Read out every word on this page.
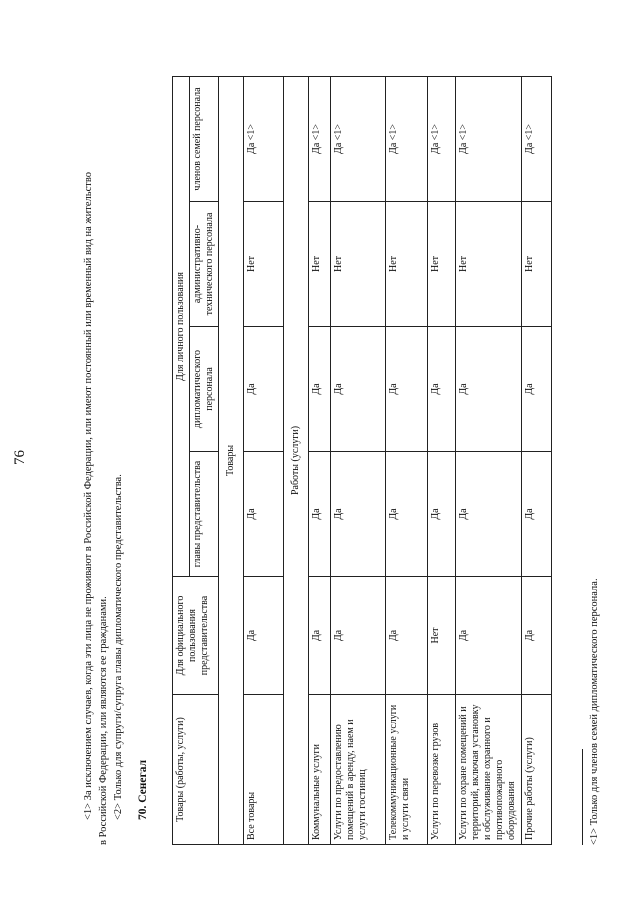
76	<1> За исключением случаев, когда эти лица не проживают в Российской Федерации, или имеют постоянный или временный вид на жительство в Российской Федерации, или являются ее гражданами. <2> Только для супруги/супруга главы дипломатического представительства. 70. Сенегал	Товары (работы, услуги)	Для официального пользования представительства	Для личного пользования			
		главы представительства	дипломатического персонала	административно-технического персонала	членов семей персонала
Товары					
Все товары	Да	Да	Да	Нет	Да <1>
Работы (услуги)					
Коммунальные услуги	Да	Да	Да	Нет	Да <1>
Услуги по предоставлению помещений в аренду, наем и услуги гостиниц	Да	Да	Да	Нет	Да <1>
Телекоммуникационные услуги и услуги связи	Да	Да	Да	Нет	Да <1>
Услуги по перевозке грузов	Нет	Да	Да	Нет	Да <1>
Услуги по охране помещений и территорий, включая установку и обслуживание охранного и противопожарного оборудования	Да	Да	Да	Нет	Да <1>
Прочие работы (услуги)	Да	Да	Да	Нет	Да <1>
<1> Только для членов семей дипломатического персонала.
